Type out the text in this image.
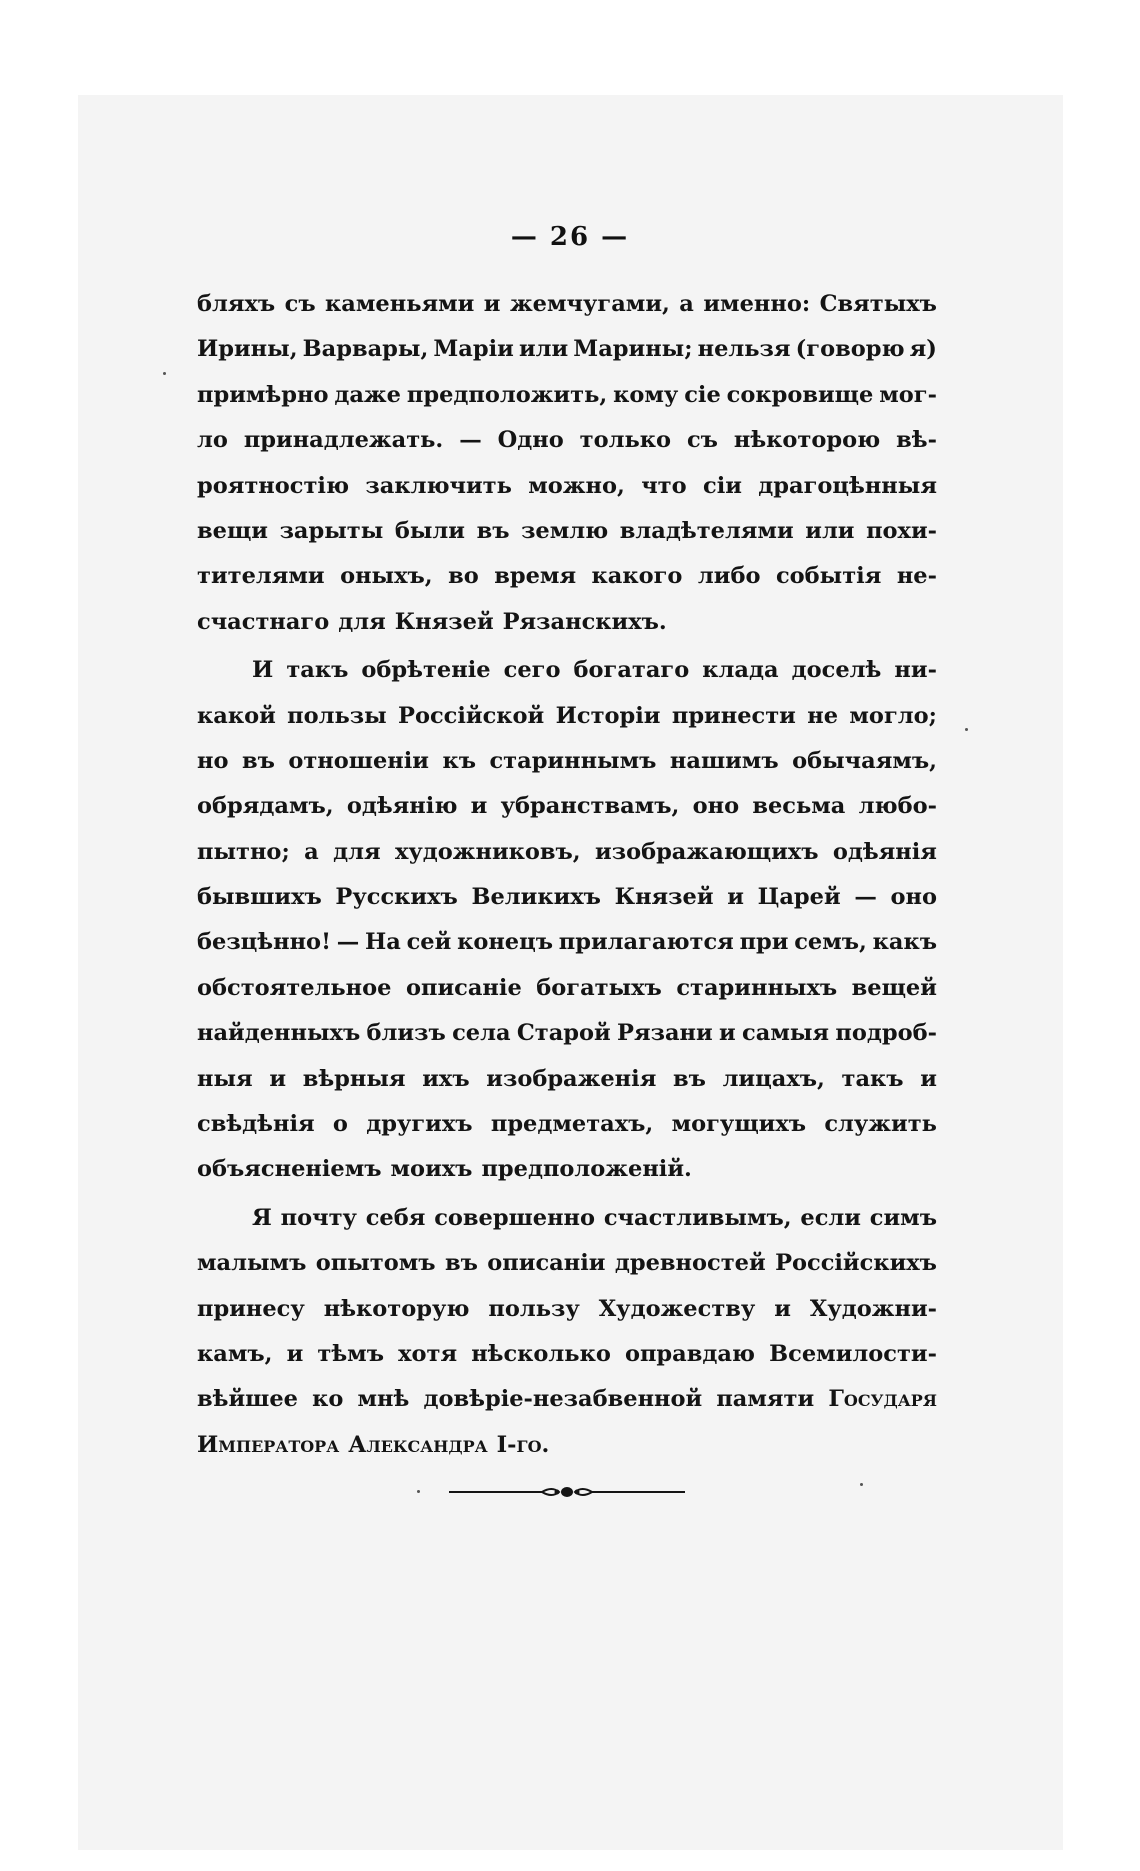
— 26 —
бляхъ съ каменьями и жемчугами, а именно: Святыхъ
Ирины, Варвары, Маріи или Марины; нельзя (говорю я)
примѣрно даже предположить, кому сіе сокровище мог-
ло принадлежать. — Одно только съ нѣкоторою вѣ-
роятностію заключить можно, что сіи драгоцѣнныя
вещи зарыты были въ землю владѣтелями или похи-
тителями оныхъ, во время какого либо событія не-
счастнаго для Князей Рязанскихъ.
И такъ обрѣтеніе сего богатаго клада доселѣ ни-
какой пользы Россійской Исторіи принести не могло;
но въ отношеніи къ стариннымъ нашимъ обычаямъ,
обрядамъ, одѣянію и убранствамъ, оно весьма любо-
пытно; а для художниковъ, изображающихъ одѣянія
бывшихъ Русскихъ Великихъ Князей и Царей — оно
безцѣнно! — На сей конецъ прилагаются при семъ, какъ
обстоятельное описаніе богатыхъ старинныхъ вещей
найденныхъ близъ села Старой Рязани и самыя подроб-
ныя и вѣрныя ихъ изображенія въ лицахъ, такъ и
свѣдѣнія о другихъ предметахъ, могущихъ служить
объясненіемъ моихъ предположеній.
Я почту себя совершенно счастливымъ, если симъ
малымъ опытомъ въ описаніи древностей Россійскихъ
принесу нѣкоторую пользу Художеству и Художни-
камъ, и тѣмъ хотя нѣсколько оправдаю Всемилости-
вѣйшее ко мнѣ довѣріе-незабвенной памяти Государя
Императора Александра I-го.
